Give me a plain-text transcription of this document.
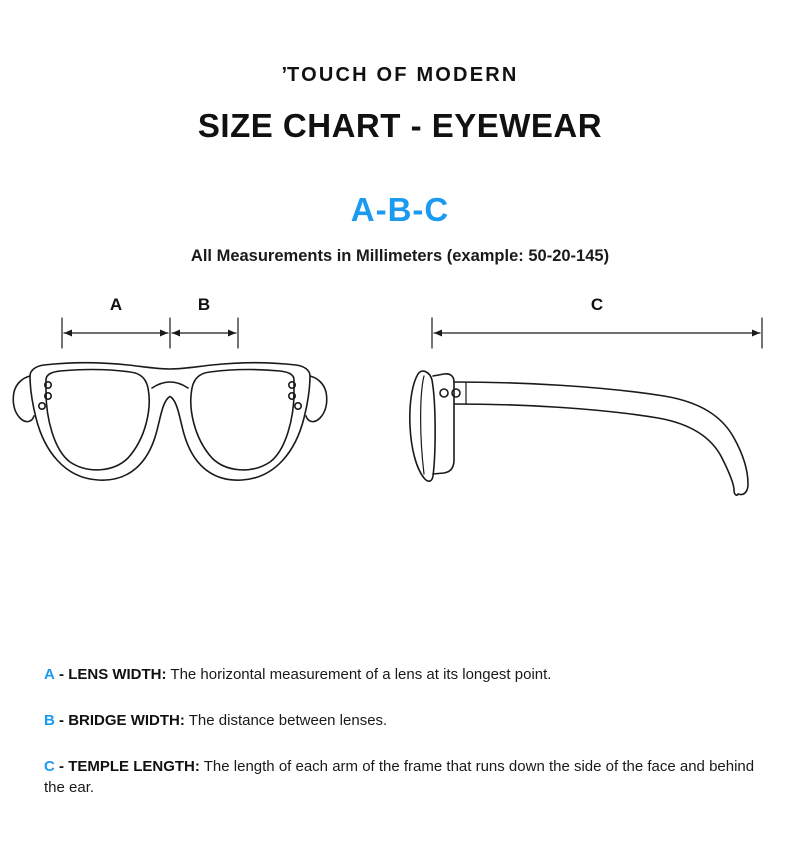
’TOUCH OF MODERN
SIZE CHART - EYEWEAR
A-B-C
All Measurements in Millimeters (example: 50-20-145)
A	B	C
A - LENS WIDTH: The horizontal measurement of a lens at its longest point.
B - BRIDGE WIDTH: The distance between lenses.
C - TEMPLE LENGTH: The length of each arm of the frame that runs down the side of the face and behind the ear.
